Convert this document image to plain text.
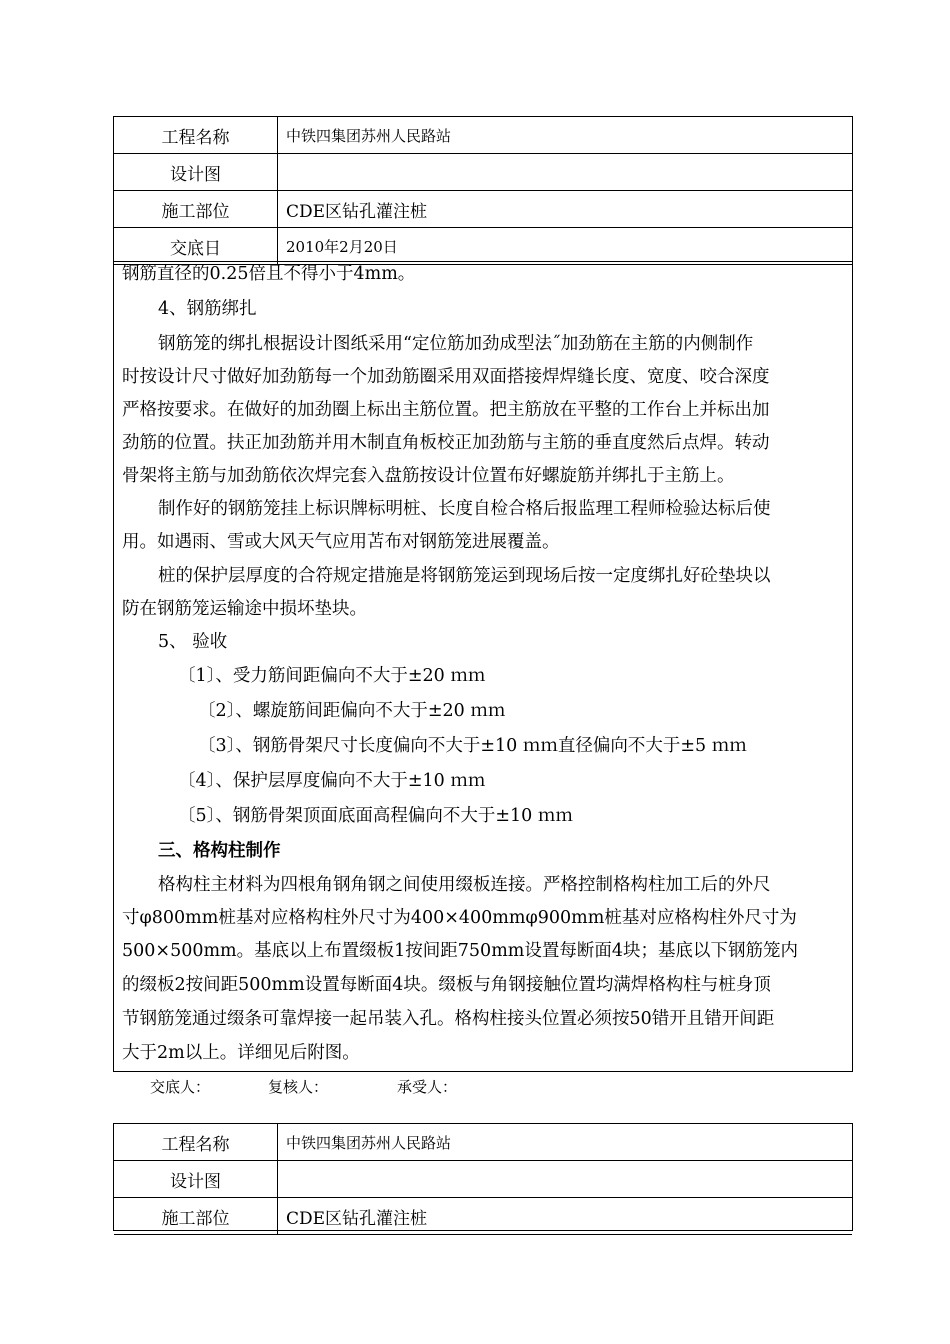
工程名称	中铁四集团苏州人民路站
设计图	
施工部位	CDE区钻孔灌注桩
交底日	2010年2月20日
钢筋直径的0.25倍且不得小于4mm。
4、钢筋绑扎
钢筋笼的绑扎根据设计图纸采用“定位筋加劲成型法˝加劲筋在主筋的内侧制作
时按设计尺寸做好加劲筋每一个加劲筋圈采用双面搭接焊焊缝长度、宽度、咬合深度
严格按要求。在做好的加劲圈上标出主筋位置。把主筋放在平整的工作台上并标出加
劲筋的位置。扶正加劲筋并用木制直角板校正加劲筋与主筋的垂直度然后点焊。转动
骨架将主筋与加劲筋依次焊完套入盘筋按设计位置布好螺旋筋并绑扎于主筋上。
制作好的钢筋笼挂上标识牌标明桩、长度自检合格后报监理工程师检验达标后使
用。如遇雨、雪或大风天气应用苫布对钢筋笼进展覆盖。
桩的保护层厚度的合符规定措施是将钢筋笼运到现场后按一定度绑扎好砼垫块以
防在钢筋笼运输途中损坏垫块。
5、 验收
〔1〕、受力筋间距偏向不大于±20 ｍｍ
〔2〕、螺旋筋间距偏向不大于±20 ｍｍ
〔3〕、钢筋骨架尺寸长度偏向不大于±10 ｍｍ直径偏向不大于±5 ｍｍ
〔4〕、保护层厚度偏向不大于±10 ｍｍ
〔5〕、钢筋骨架顶面底面高程偏向不大于±10 ｍｍ
三、格构柱制作
格构柱主材料为四根角钢角钢之间使用缀板连接。严格控制格构柱加工后的外尺
寸φ800mm桩基对应格构柱外尺寸为400×400mmφ900mm桩基对应格构柱外尺寸为
500×500mm。基底以上布置缀板1按间距750mm设置每断面4块；基底以下钢筋笼内
的缀板2按间距500mm设置每断面4块。缀板与角钢接触位置均满焊格构柱与桩身顶
节钢筋笼通过缀条可靠焊接一起吊装入孔。格构柱接头位置必须按50错开且错开间距
大于2m以上。详细见后附图。
交底人：	复核人：	承受人：
工程名称	中铁四集团苏州人民路站
设计图	
施工部位	CDE区钻孔灌注桩
